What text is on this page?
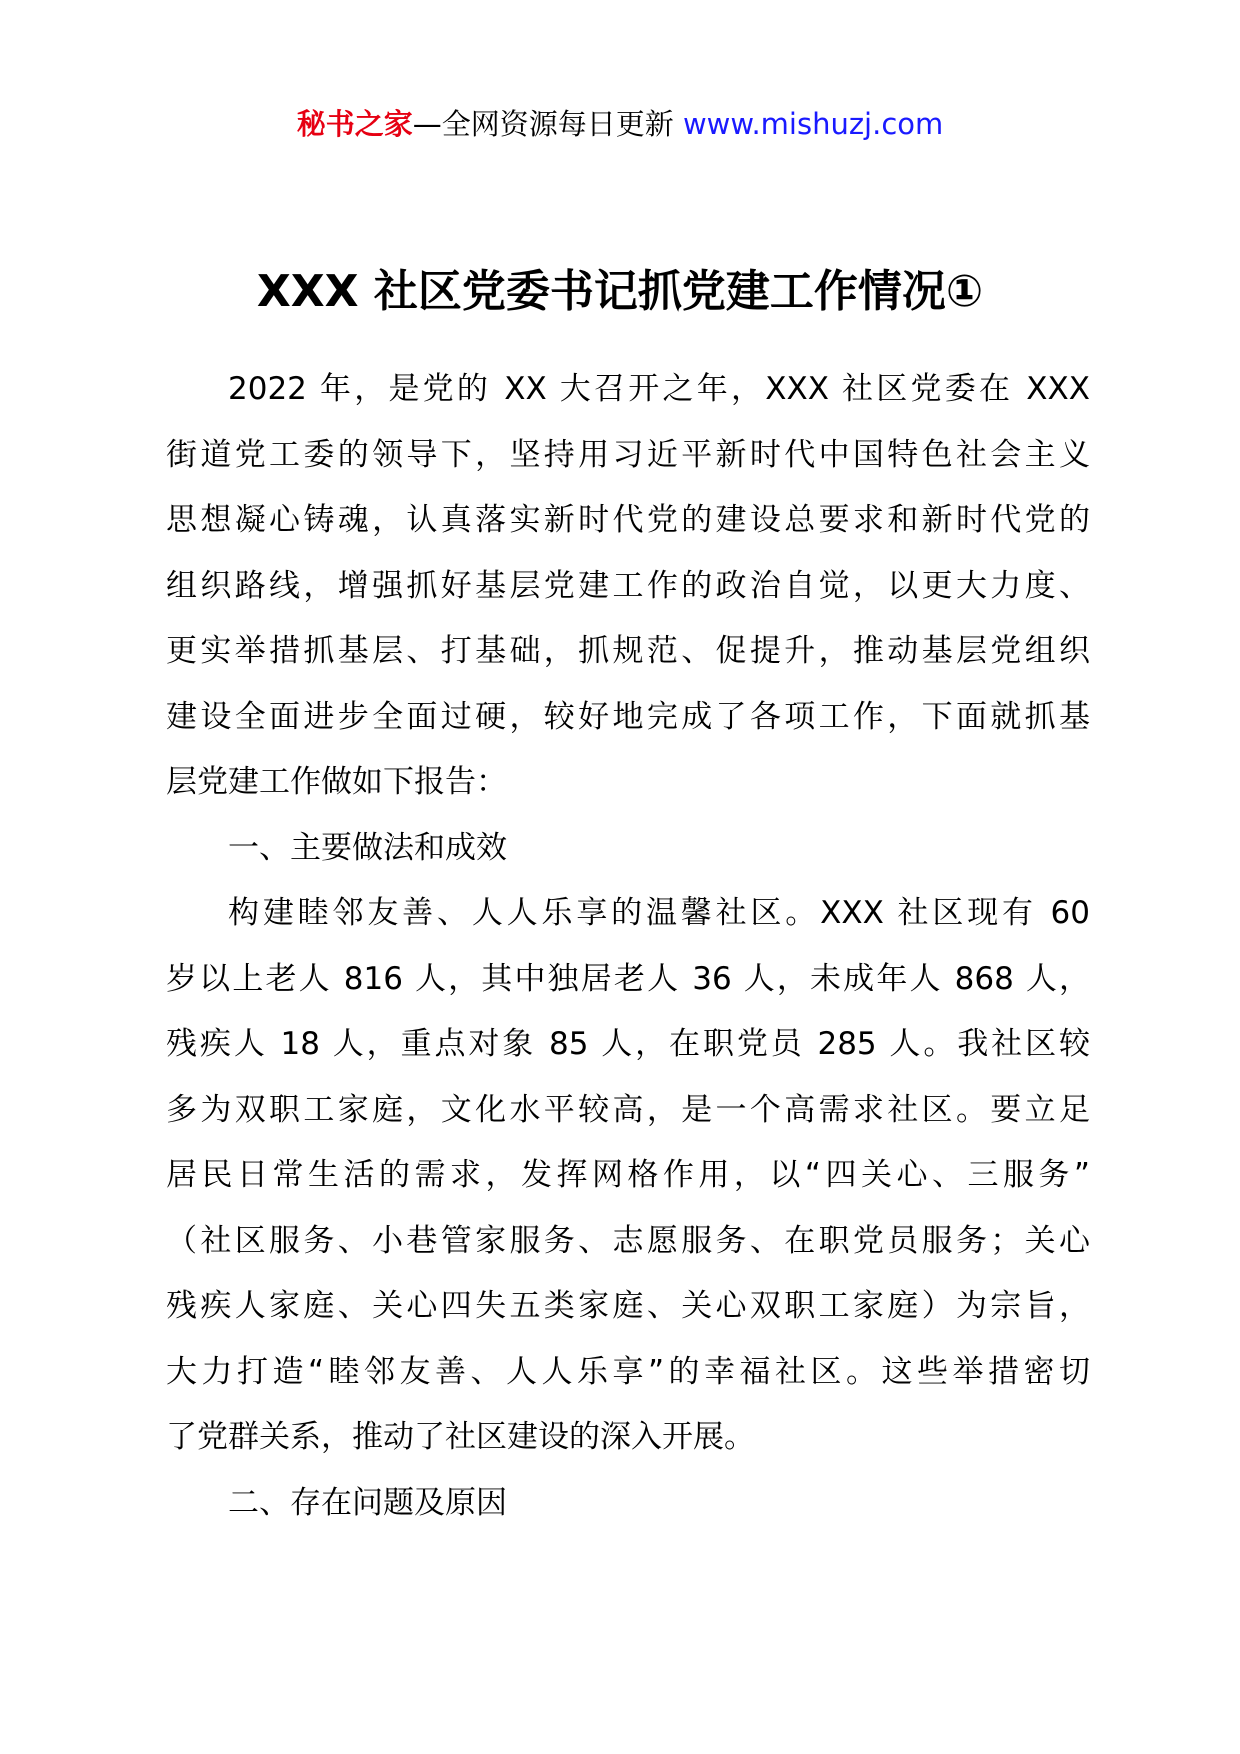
秘书之家—全网资源每日更新 www.mishuzj.com
XXX 社区党委书记抓党建工作情况①
2022 年，是党的 XX 大召开之年，XXX 社区党委在 XXX
街道党工委的领导下，坚持用习近平新时代中国特色社会主义
思想凝心铸魂，认真落实新时代党的建设总要求和新时代党的
组织路线，增强抓好基层党建工作的政治自觉，以更大力度、
更实举措抓基层、打基础，抓规范、促提升，推动基层党组织
建设全面进步全面过硬，较好地完成了各项工作，下面就抓基
层党建工作做如下报告：
一、主要做法和成效
构建睦邻友善、人人乐享的温馨社区。XXX 社区现有 60
岁以上老人 816 人，其中独居老人 36 人，未成年人 868 人，
残疾人 18 人，重点对象 85 人，在职党员 285 人。我社区较
多为双职工家庭，文化水平较高，是一个高需求社区。要立足
居民日常生活的需求，发挥网格作用，以“四关心、三服务”
（社区服务、小巷管家服务、志愿服务、在职党员服务；关心
残疾人家庭、关心四失五类家庭、关心双职工家庭）为宗旨，
大力打造“睦邻友善、人人乐享”的幸福社区。这些举措密切
了党群关系，推动了社区建设的深入开展。
二、存在问题及原因
